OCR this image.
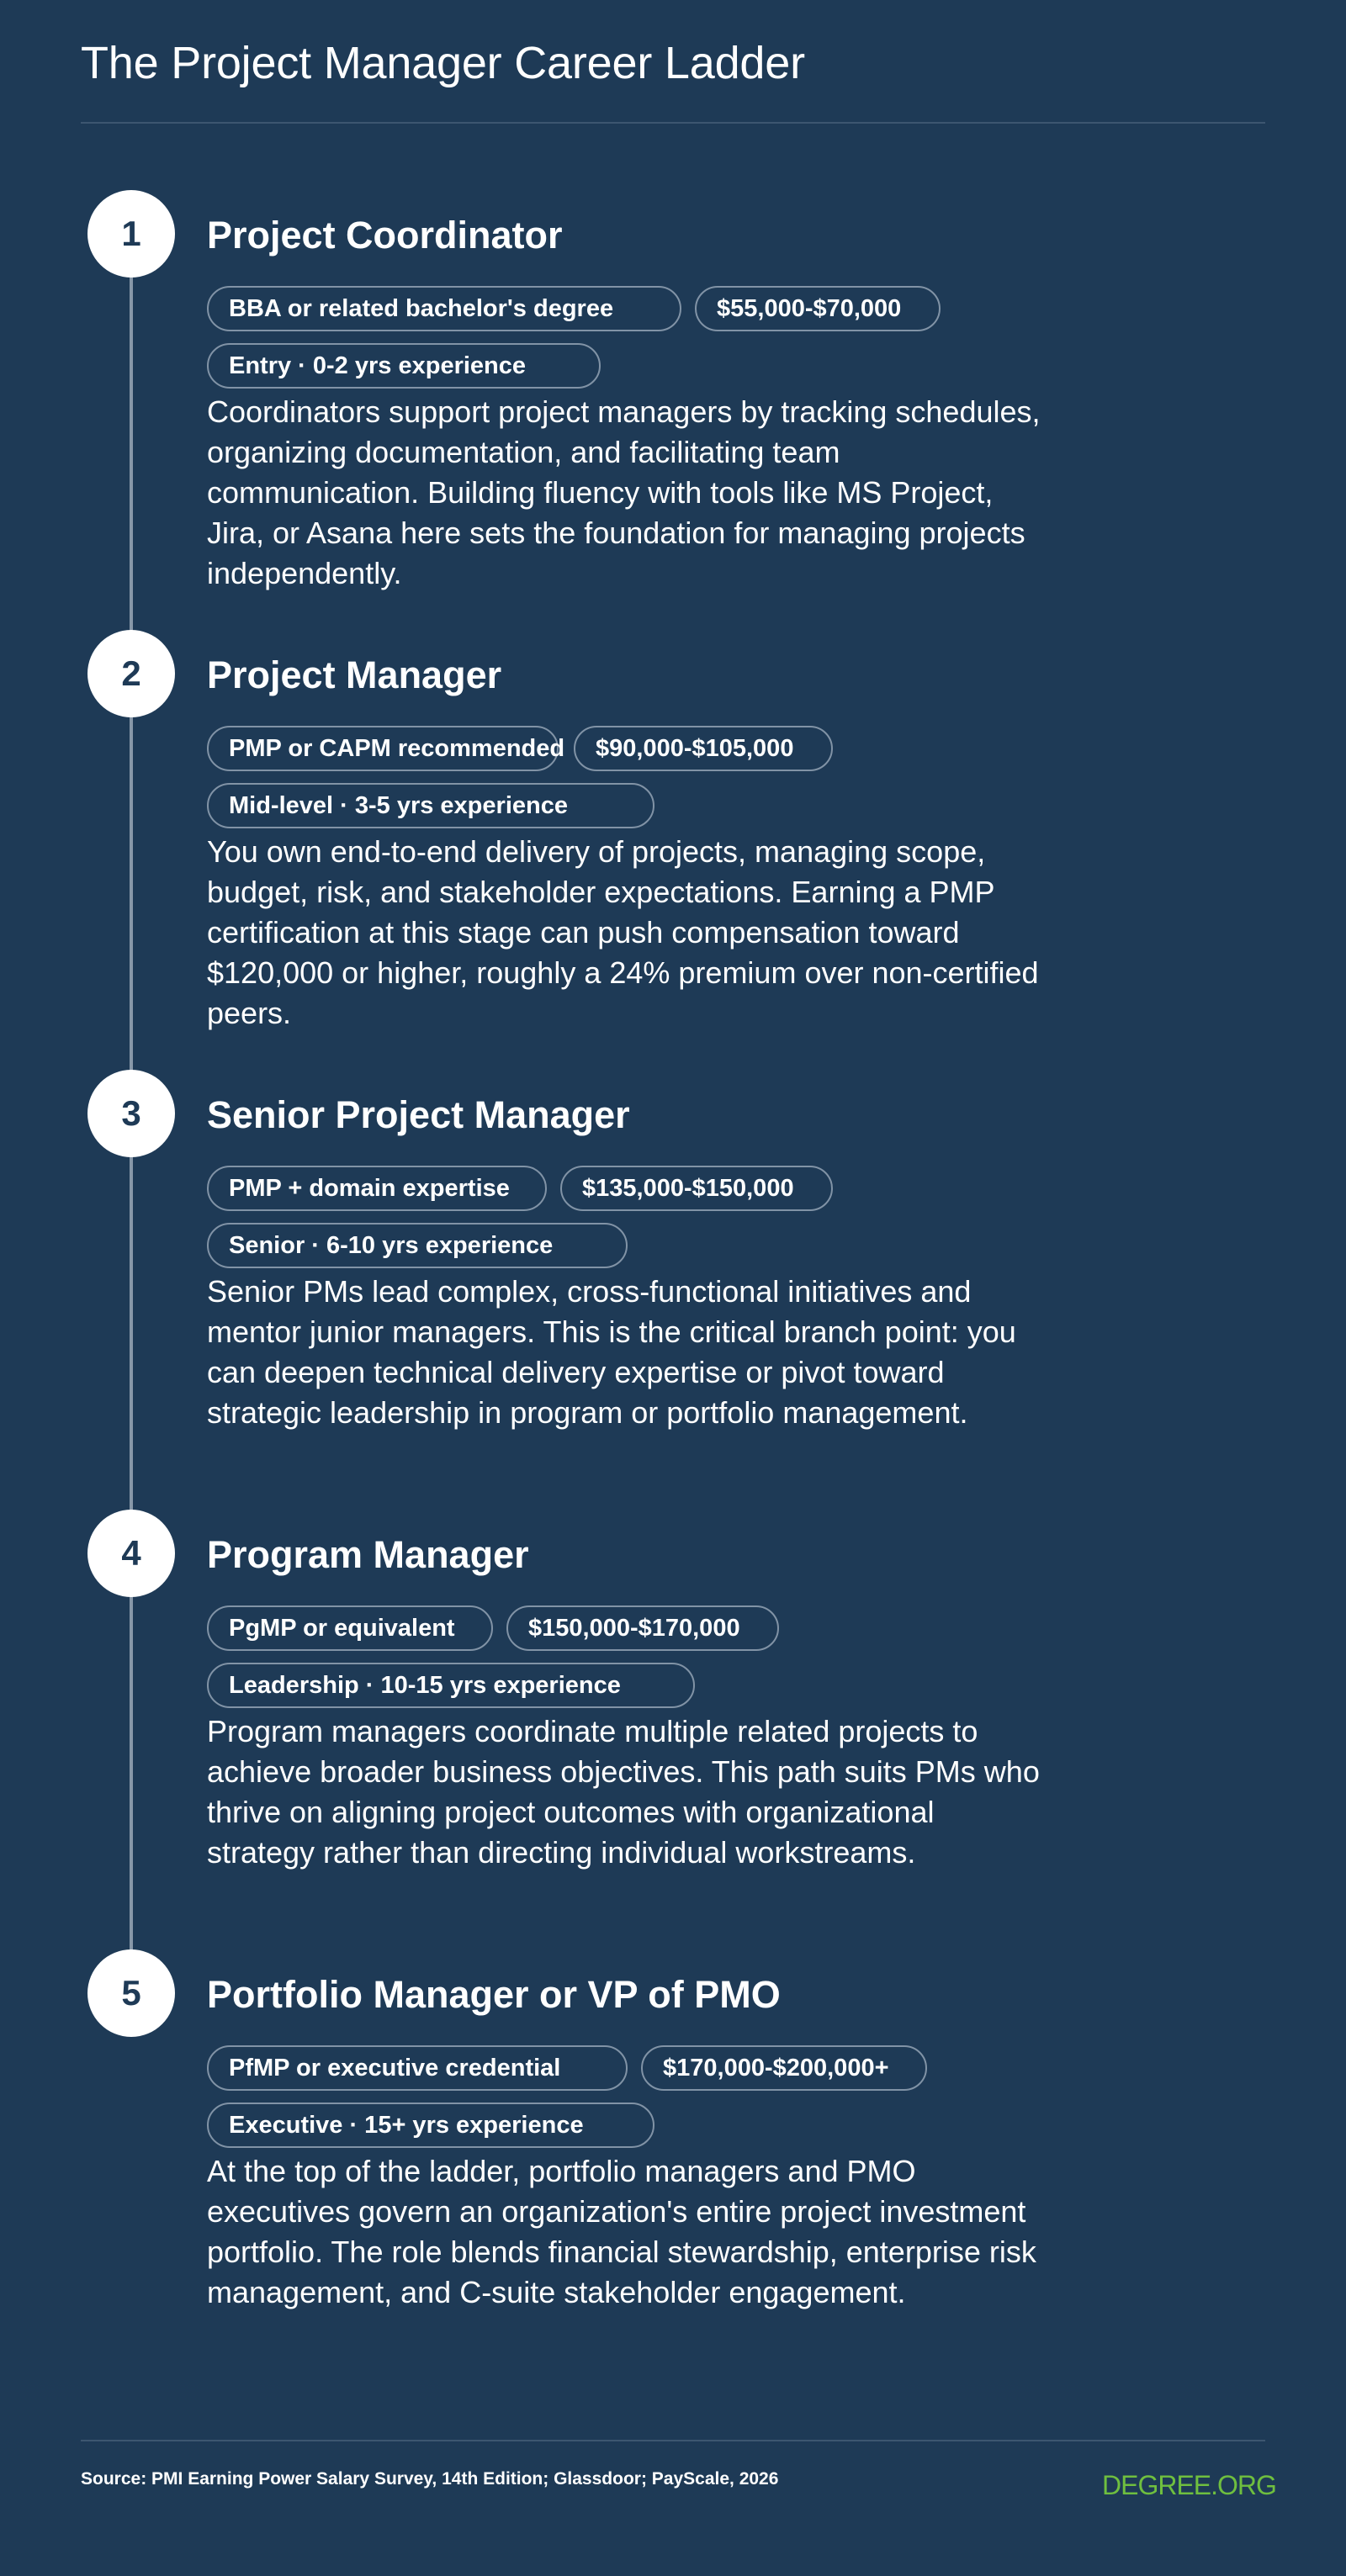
The Project Manager Career Ladder
1	Project Coordinator
BBA or related bachelor's degree	$55,000-$70,000
Entry · 0-2 yrs experience

Coordinators support project managers by tracking schedules, organizing documentation, and facilitating team communication. Building fluency with tools like MS Project, Jira, or Asana here sets the foundation for managing projects independently.

2	Project Manager
PMP or CAPM recommended	$90,000-$105,000
Mid-level · 3-5 yrs experience

You own end-to-end delivery of projects, managing scope, budget, risk, and stakeholder expectations. Earning a PMP certification at this stage can push compensation toward $120,000 or higher, roughly a 24% premium over non-certified peers.

3	Senior Project Manager
PMP + domain expertise	$135,000-$150,000
Senior · 6-10 yrs experience

Senior PMs lead complex, cross-functional initiatives and mentor junior managers. This is the critical branch point: you can deepen technical delivery expertise or pivot toward strategic leadership in program or portfolio management.

4	Program Manager
PgMP or equivalent	$150,000-$170,000
Leadership · 10-15 yrs experience

Program managers coordinate multiple related projects to achieve broader business objectives. This path suits PMs who thrive on aligning project outcomes with organizational strategy rather than directing individual workstreams.

5	Portfolio Manager or VP of PMO
PfMP or executive credential	$170,000-$200,000+
Executive · 15+ yrs experience

At the top of the ladder, portfolio managers and PMO executives govern an organization's entire project investment portfolio. The role blends financial stewardship, enterprise risk management, and C-suite stakeholder engagement.

Source: PMI Earning Power Salary Survey, 14th Edition; Glassdoor; PayScale, 2026	DEGREE.ORG
